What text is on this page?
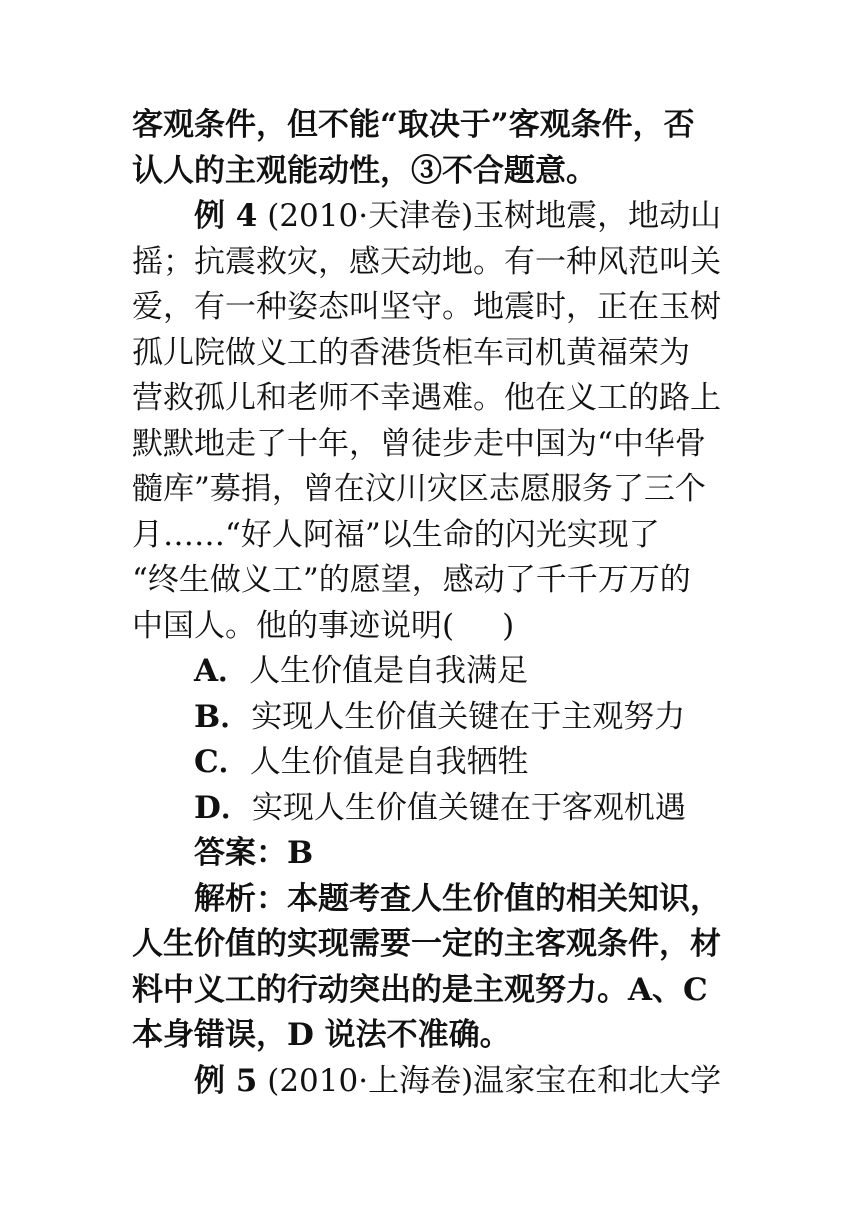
客观条件，但不能“取决于”客观条件，否
认人的主观能动性，③不合题意。
例 4 (2010·天津卷)玉树地震，地动山
摇；抗震救灾，感天动地。有一种风范叫关
爱，有一种姿态叫坚守。地震时，正在玉树
孤儿院做义工的香港货柜车司机黄福荣为
营救孤儿和老师不幸遇难。他在义工的路上
默默地走了十年，曾徒步走中国为“中华骨
髓库”募捐，曾在汶川灾区志愿服务了三个
月……“好人阿福”以生命的闪光实现了
“终生做义工”的愿望，感动了千千万万的
中国人。他的事迹说明( )
A．人生价值是自我满足
B．实现人生价值关键在于主观努力
C．人生价值是自我牺牲
D．实现人生价值关键在于客观机遇
答案：B
解析：本题考查人生价值的相关知识，
人生价值的实现需要一定的主客观条件，材
料中义工的行动突出的是主观努力。A、C
本身错误，D 说法不准确。
例 5 (2010·上海卷)温家宝在和北大学
